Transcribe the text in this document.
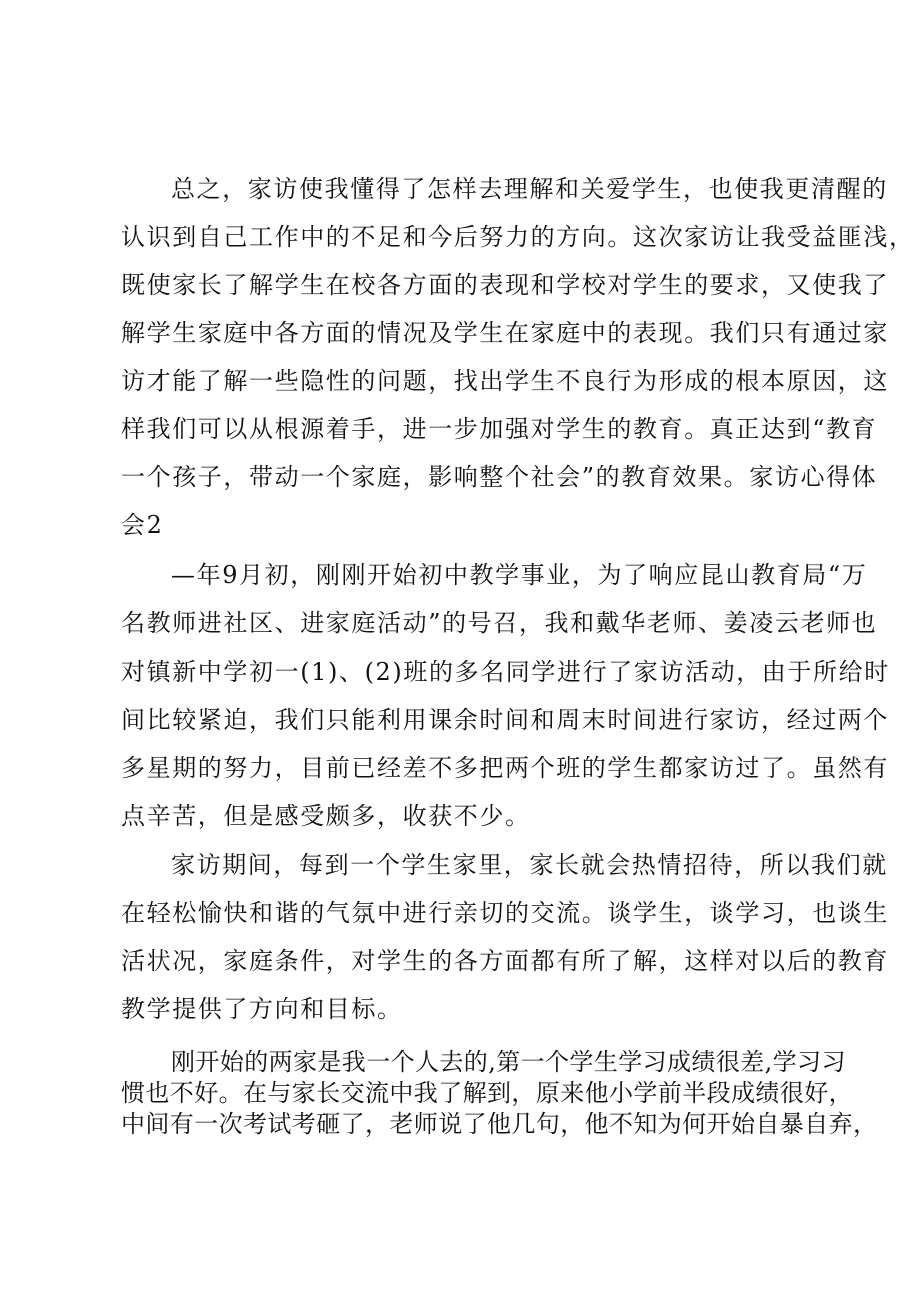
总之，家访使我懂得了怎样去理解和关爱学生，也使我更清醒的
认识到自己工作中的不足和今后努力的方向。这次家访让我受益匪浅，
既使家长了解学生在校各方面的表现和学校对学生的要求，又使我了
解学生家庭中各方面的情况及学生在家庭中的表现。我们只有通过家
访才能了解一些隐性的问题，找出学生不良行为形成的根本原因，这
样我们可以从根源着手，进一步加强对学生的教育。真正达到“教育
一个孩子，带动一个家庭，影响整个社会”的教育效果。家访心得体
会2
—年9月初，刚刚开始初中教学事业，为了响应昆山教育局“万
名教师进社区、进家庭活动”的号召，我和戴华老师、姜凌云老师也
对镇新中学初一(1)、(2)班的多名同学进行了家访活动，由于所给时
间比较紧迫，我们只能利用课余时间和周末时间进行家访，经过两个
多星期的努力，目前已经差不多把两个班的学生都家访过了。虽然有
点辛苦，但是感受颇多，收获不少。
家访期间，每到一个学生家里，家长就会热情招待，所以我们就
在轻松愉快和谐的气氛中进行亲切的交流。谈学生，谈学习，也谈生
活状况，家庭条件，对学生的各方面都有所了解，这样对以后的教育
教学提供了方向和目标。
刚开始的两家是我一个人去的,第一个学生学习成绩很差,学习习
惯也不好。在与家长交流中我了解到，原来他小学前半段成绩很好，
中间有一次考试考砸了，老师说了他几句，他不知为何开始自暴自弃，
